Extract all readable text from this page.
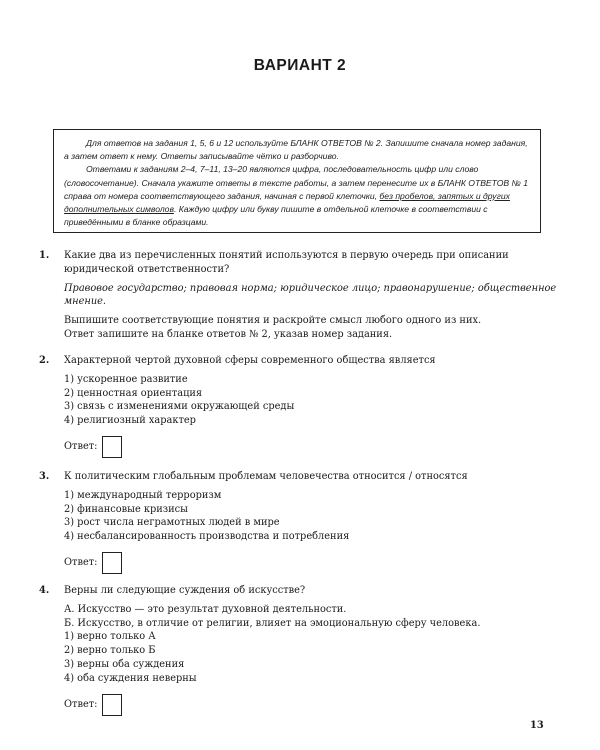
ВАРИАНТ 2

Для ответов на задания 1, 5, 6 и 12 используйте БЛАНК ОТВЕТОВ № 2. Запишите сначала номер задания, а затем ответ к нему. Ответы записывайте чётко и разборчиво.

Ответами к заданиям 2–4, 7–11, 13–20 являются цифра, последовательность цифр или слово (словосочетание). Сначала укажите ответы в тексте работы, а затем перенесите их в БЛАНК ОТВЕТОВ № 1 справа от номера соответствующего задания, начиная с первой клеточки, без пробелов, запятых и других дополнительных символов. Каждую цифру или букву пишите в отдельной клеточке в соответствии с приведёнными в бланке образцами.

1. Какие два из перечисленных понятий используются в первую очередь при описании юридической ответственности?

Правовое государство; правовая норма; юридическое лицо; правонарушение; общественное мнение.

Выпишите соответствующие понятия и раскройте смысл любого одного из них.

Ответ запишите на бланке ответов № 2, указав номер задания.

2. Характерной чертой духовной сферы современного общества является

1) ускоренное развитие

2) ценностная ориентация

3) связь с изменениями окружающей среды

4) религиозный характер

Ответ:
3. К политическим глобальным проблемам человечества относится / относятся

1) международный терроризм

2) финансовые кризисы

3) рост числа неграмотных людей в мире

4) несбалансированность производства и потребления

Ответ:
4. Верны ли следующие суждения об искусстве?

А. Искусство — это результат духовной деятельности.

Б. Искусство, в отличие от религии, влияет на эмоциональную сферу человека.

1) верно только А

2) верно только Б

3) верны оба суждения

4) оба суждения неверны

Ответ:
13
